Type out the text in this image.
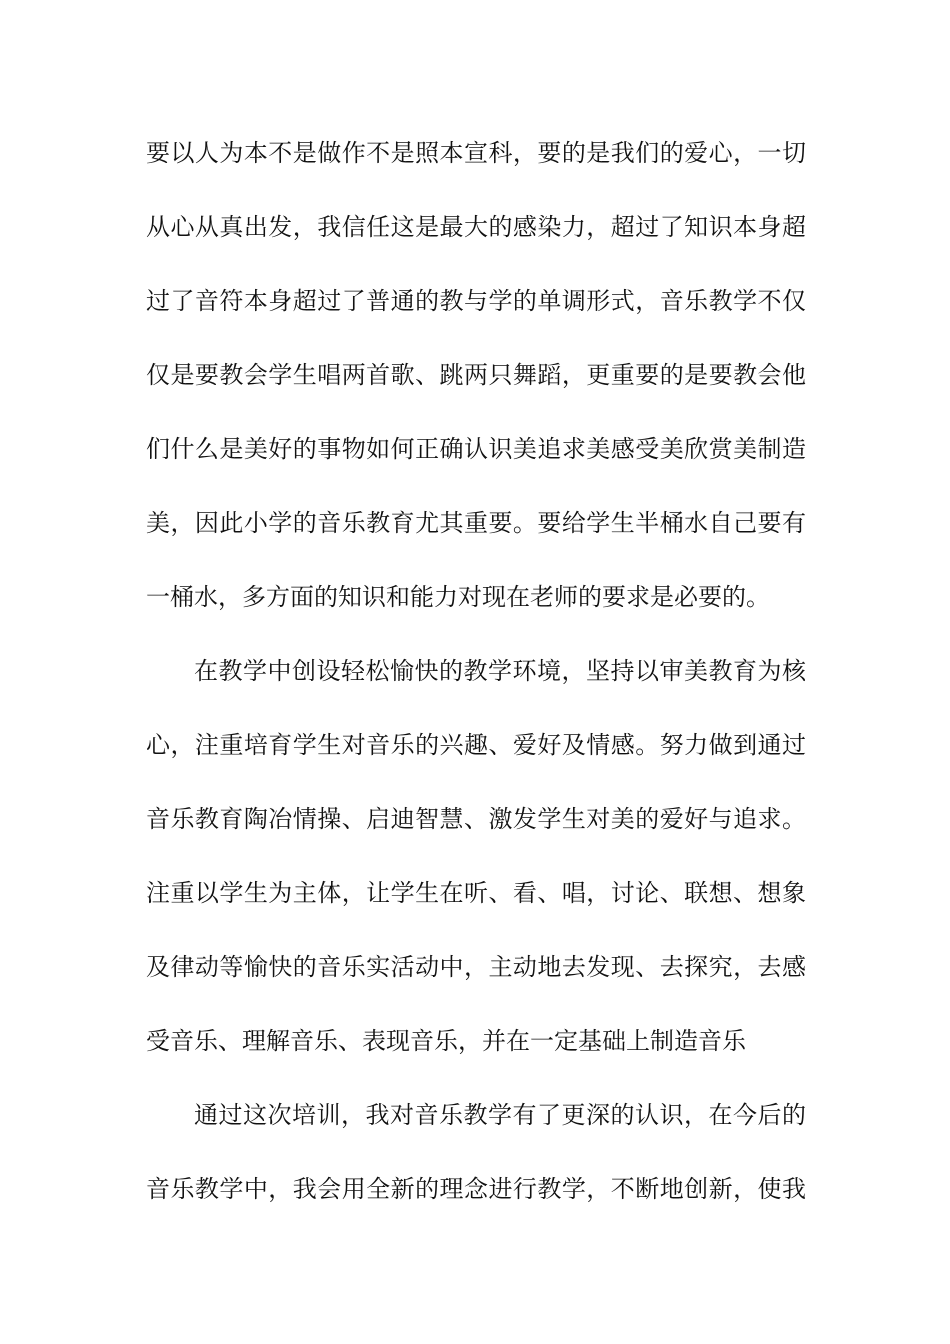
要以人为本不是做作不是照本宣科，要的是我们的爱心，一切
从心从真出发，我信任这是最大的感染力，超过了知识本身超
过了音符本身超过了普通的教与学的单调形式，音乐教学不仅
仅是要教会学生唱两首歌、跳两只舞蹈，更重要的是要教会他
们什么是美好的事物如何正确认识美追求美感受美欣赏美制造
美，因此小学的音乐教育尤其重要。要给学生半桶水自己要有
一桶水，多方面的知识和能力对现在老师的要求是必要的。
在教学中创设轻松愉快的教学环境，坚持以审美教育为核
心，注重培育学生对音乐的兴趣、爱好及情感。努力做到通过
音乐教育陶冶情操、启迪智慧、激发学生对美的爱好与追求。
注重以学生为主体，让学生在听、看、唱，讨论、联想、想象
及律动等愉快的音乐实活动中，主动地去发现、去探究，去感
受音乐、理解音乐、表现音乐，并在一定基础上制造音乐
通过这次培训，我对音乐教学有了更深的认识，在今后的
音乐教学中，我会用全新的理念进行教学，不断地创新，使我
